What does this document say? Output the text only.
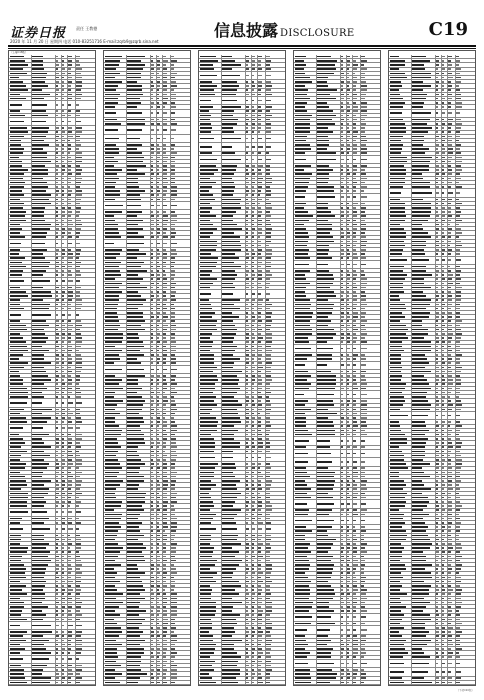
证券日报 责任 王教德
2020 年 11 月 20 日 星期四 电话 010-83251716 E-mail:zqrb9@zqrb.sina.net
信息披露 DISCLOSURE	C19
（上接C18版）
（下转C20版）
